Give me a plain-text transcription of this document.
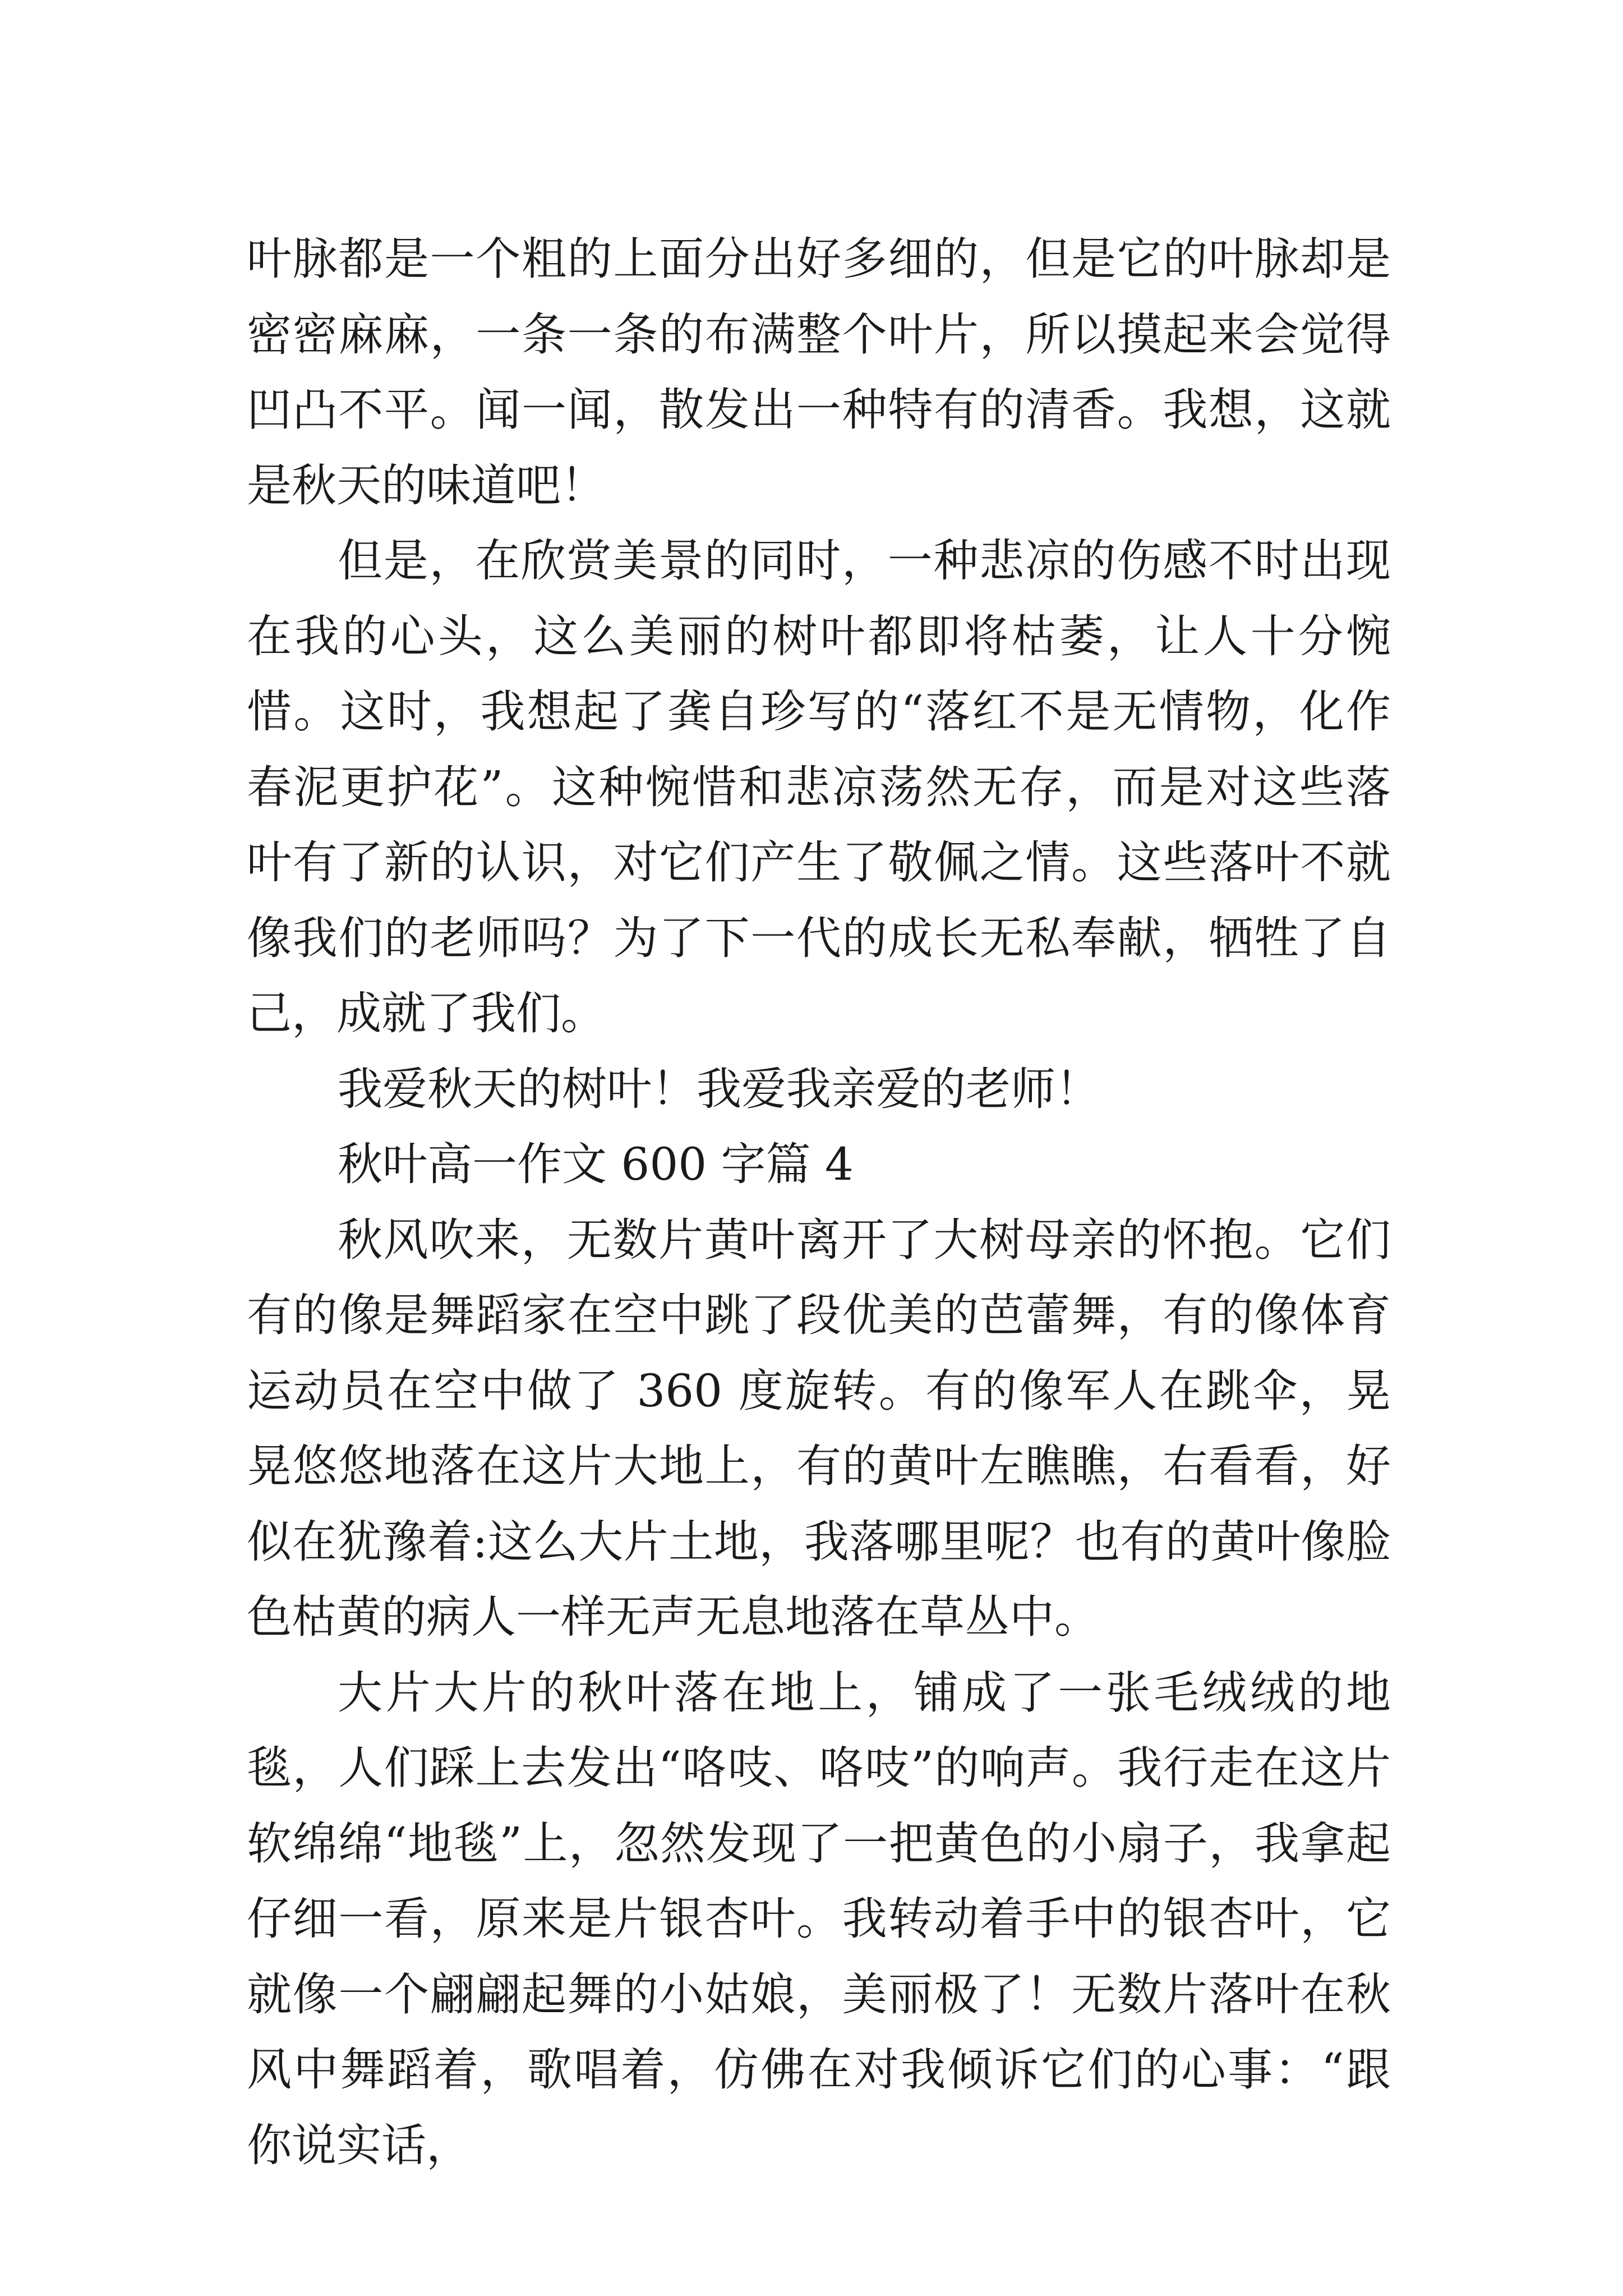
叶脉都是一个粗的上面分出好多细的，但是它的叶脉却是密密麻麻，一条一条的布满整个叶片，所以摸起来会觉得凹凸不平。闻一闻，散发出一种特有的清香。我想，这就是秋天的味道吧！

但是，在欣赏美景的同时，一种悲凉的伤感不时出现在我的心头，这么美丽的树叶都即将枯萎，让人十分惋惜。这时，我想起了龚自珍写的“落红不是无情物，化作春泥更护花”。这种惋惜和悲凉荡然无存，而是对这些落叶有了新的认识，对它们产生了敬佩之情。这些落叶不就像我们的老师吗？为了下一代的成长无私奉献，牺牲了自己，成就了我们。

我爱秋天的树叶！我爱我亲爱的老师！

秋叶高一作文 600 字篇 4

秋风吹来，无数片黄叶离开了大树母亲的怀抱。它们有的像是舞蹈家在空中跳了段优美的芭蕾舞，有的像体育运动员在空中做了 360 度旋转。有的像军人在跳伞，晃晃悠悠地落在这片大地上，有的黄叶左瞧瞧，右看看，好似在犹豫着:这么大片土地，我落哪里呢？也有的黄叶像脸色枯黄的病人一样无声无息地落在草丛中。

大片大片的秋叶落在地上，铺成了一张毛绒绒的地毯，人们踩上去发出“咯吱、咯吱”的响声。我行走在这片软绵绵“地毯”上，忽然发现了一把黄色的小扇子，我拿起仔细一看，原来是片银杏叶。我转动着手中的银杏叶，它就像一个翩翩起舞的小姑娘，美丽极了！无数片落叶在秋风中舞蹈着，歌唱着，仿佛在对我倾诉它们的心事：“跟你说实话，
